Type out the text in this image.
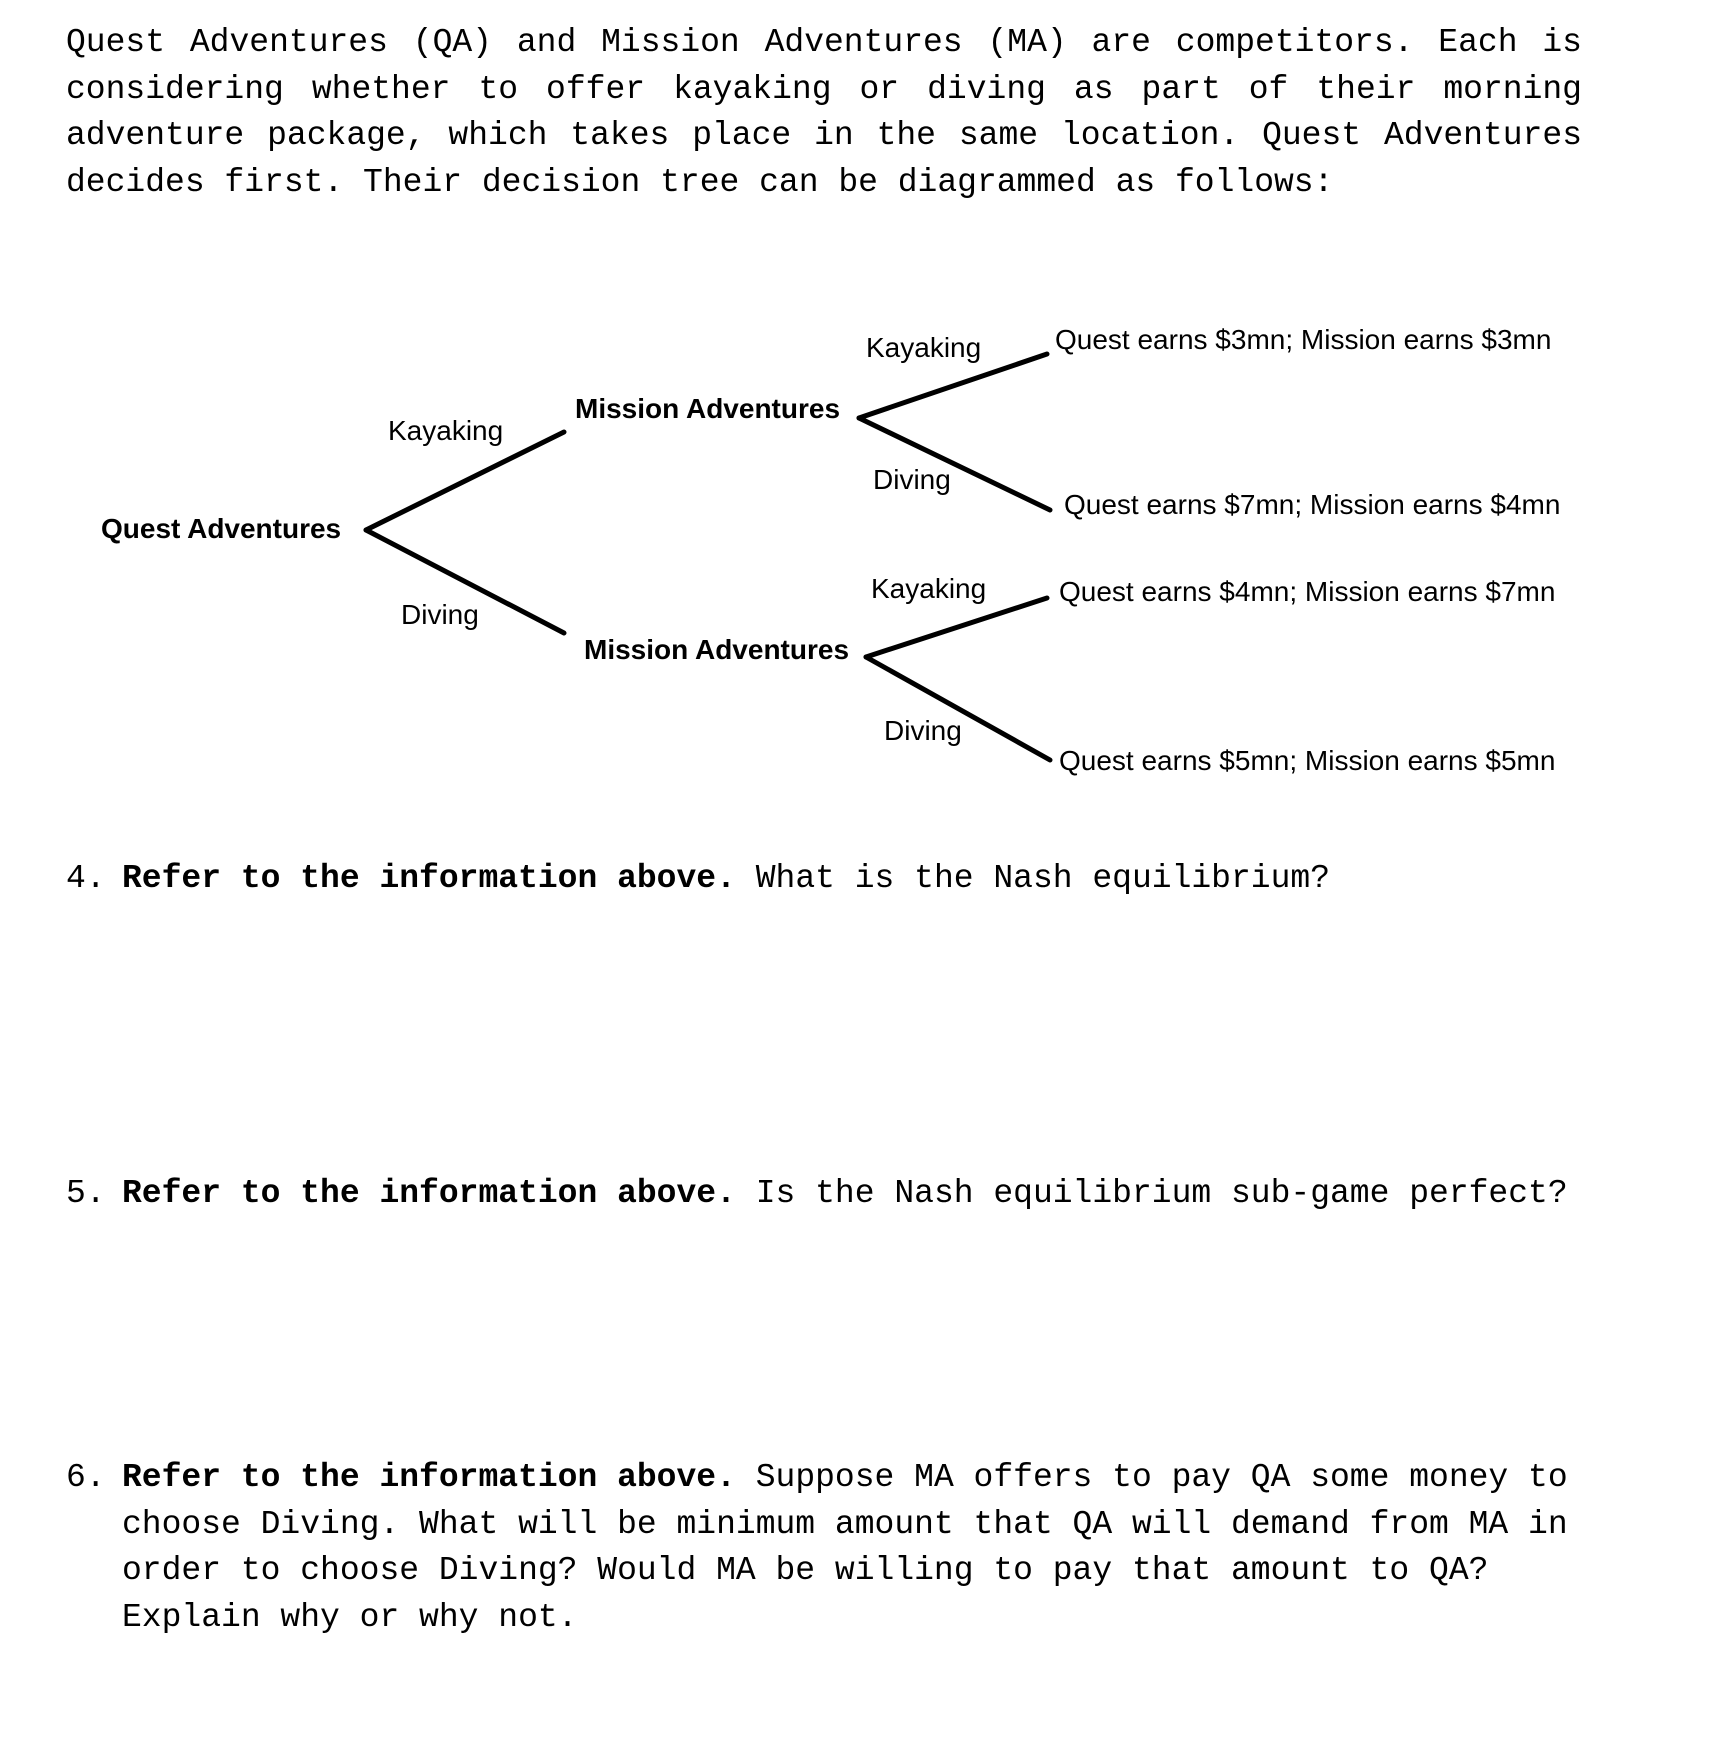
Quest Adventures (QA) and Mission Adventures (MA) are competitors. Each is considering whether to offer kayaking or diving as part of their morning adventure package, which takes place in the same location. Quest Adventures decides first. Their decision tree can be diagrammed as follows:

Quest Adventures
Mission Adventures
Mission Adventures
Kayaking
Diving
Kayaking
Diving
Kayaking
Diving
Quest earns $3mn; Mission earns $3mn
Quest earns $7mn; Mission earns $4mn
Quest earns $4mn; Mission earns $7mn
Quest earns $5mn; Mission earns $5mn
4. Refer to the information above. What is the Nash equilibrium?
5. Refer to the information above. Is the Nash equilibrium sub-game perfect?
6. Refer to the information above. Suppose MA offers to pay QA some money to choose Diving. What will be minimum amount that QA will demand from MA in order to choose Diving? Would MA be willing to pay that amount to QA? Explain why or why not.
